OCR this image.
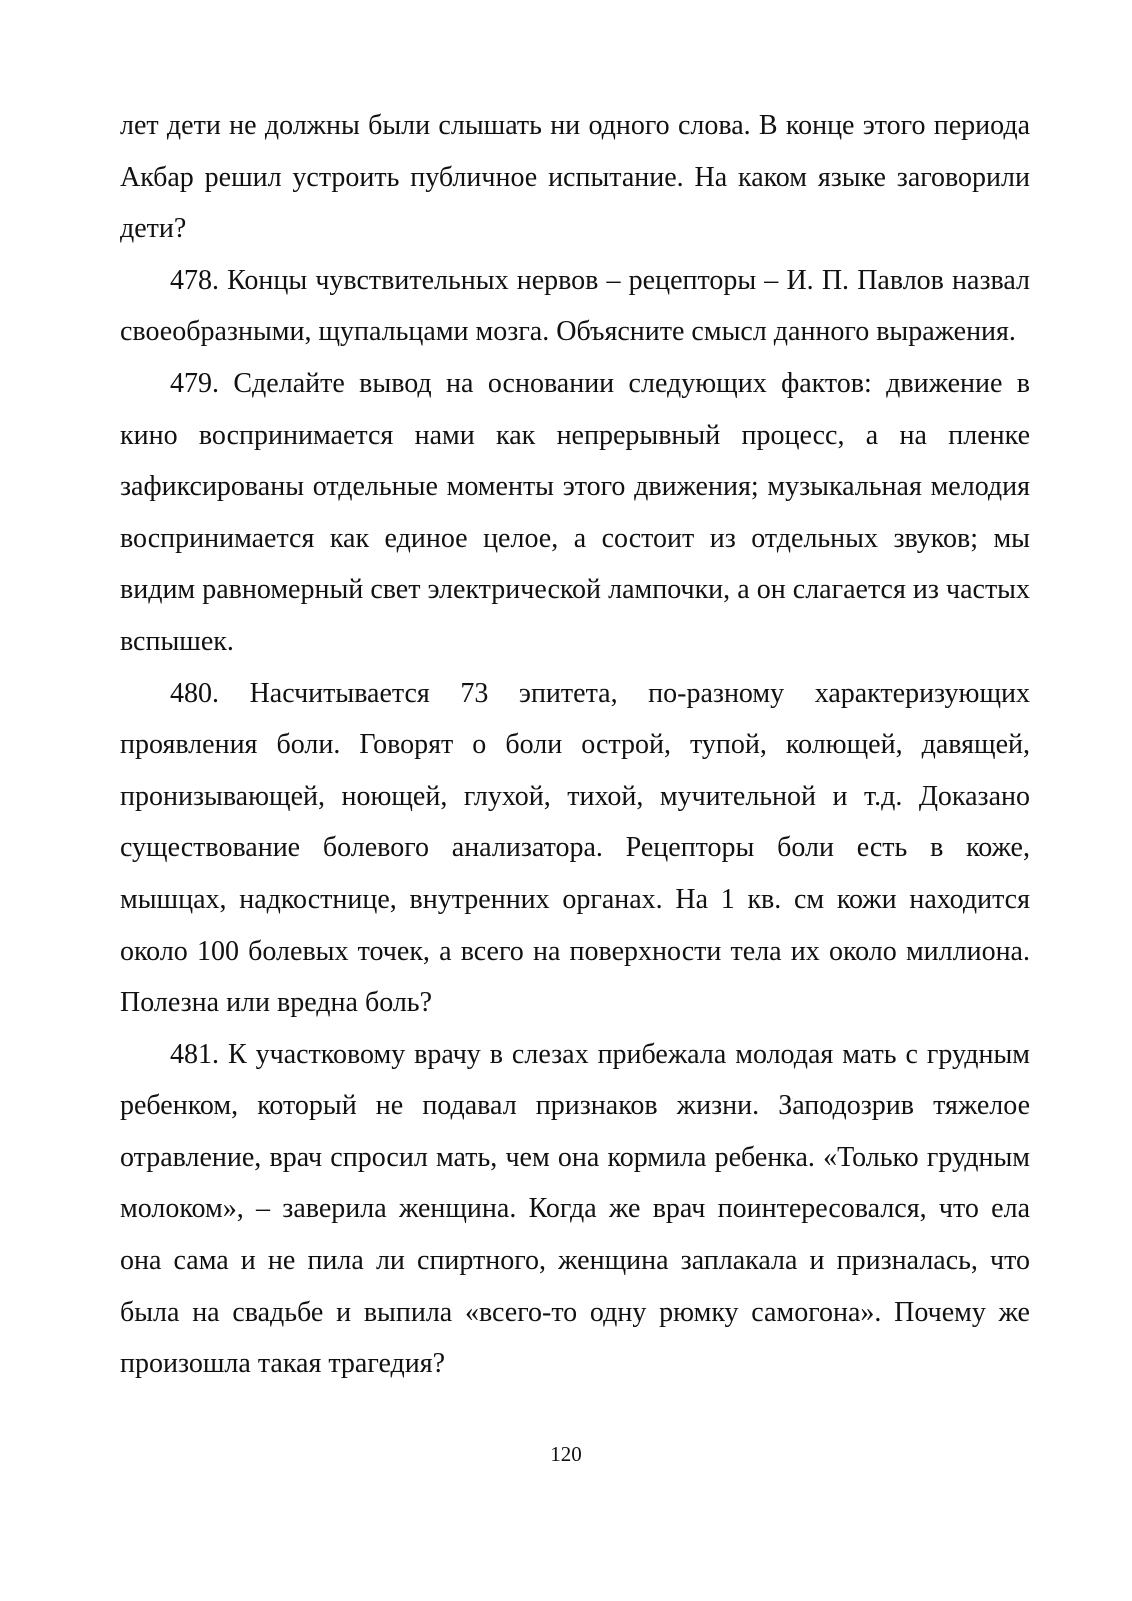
лет дети не должны были слышать ни одного слова. В конце этого периода Акбар решил устроить публичное испытание. На каком языке заговорили дети?

478. Концы чувствительных нервов – рецепторы – И. П. Павлов назвал своеобразными, щупальцами мозга. Объясните смысл данного выражения.

479. Сделайте вывод на основании следующих фактов: движение в кино воспринимается нами как непрерывный процесс, а на пленке зафиксированы отдельные моменты этого движения; музыкальная мелодия воспринимается как единое целое, а состоит из отдельных звуков; мы видим равномерный свет электрической лампочки, а он слагается из частых вспышек.

480. Насчитывается 73 эпитета, по-разному характеризующих проявления боли. Говорят о боли острой, тупой, колющей, давящей, пронизывающей, ноющей, глухой, тихой, мучительной и т.д. Доказано существование болевого анализатора. Рецепторы боли есть в коже, мышцах, надкостнице, внутренних органах. На 1 кв. см кожи находится около 100 болевых точек, а всего на поверхности тела их около миллиона. Полезна или вредна боль?

481. К участковому врачу в слезах прибежала молодая мать с грудным ребенком, который не подавал признаков жизни. Заподозрив тяжелое отравление, врач спросил мать, чем она кормила ребенка. «Только грудным молоком», – заверила женщина. Когда же врач поинтересовался, что ела она сама и не пила ли спиртного, женщина заплакала и призналась, что была на свадьбе и выпила «всего-то одну рюмку самогона». Почему же произошла такая трагедия?

120
